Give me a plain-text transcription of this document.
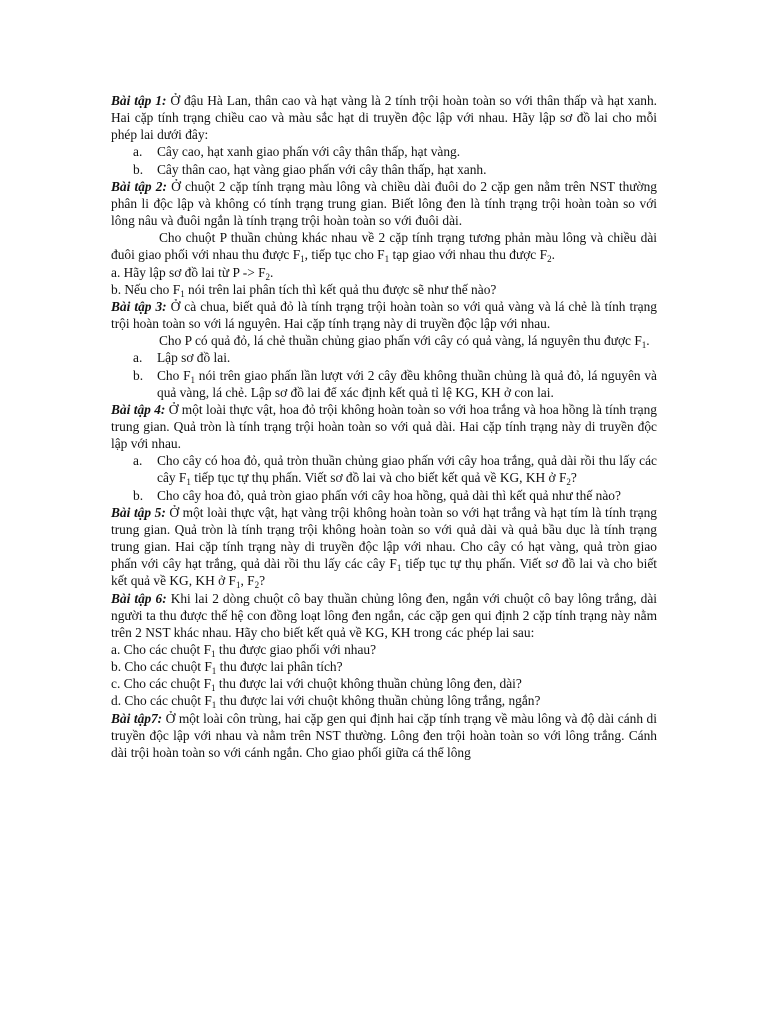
Bài tập 1: Ở đậu Hà Lan, thân cao và hạt vàng là 2 tính trội hoàn toàn so với thân thấp và hạt xanh. Hai cặp tính trạng chiều cao và màu sắc hạt di truyền độc lập với nhau. Hãy lập sơ đồ lai cho mỗi phép lai dưới đây:

a. Cây cao, hạt xanh giao phấn với cây thân thấp, hạt vàng.
b. Cây thân cao, hạt vàng giao phấn với cây thân thấp, hạt xanh.

Bài tập 2: Ở chuột 2 cặp tính trạng màu lông và chiều dài đuôi do 2 cặp gen nằm trên NST thường phân li độc lập và không có tính trạng trung gian. Biết lông đen là tính trạng trội hoàn toàn so với lông nâu và đuôi ngắn là tính trạng trội hoàn toàn so với đuôi dài.

Cho chuột P thuần chủng khác nhau về 2 cặp tính trạng tương phản màu lông và chiều dài đuôi giao phối với nhau thu được $F_1$, tiếp tục cho $F_1$ tạp giao với nhau thu được $F_2$.

a. Hãy lập sơ đồ lai từ $P -> F_2$.

b. Nếu cho $F_1$ nói trên lai phân tích thì kết quả thu được sẽ như thế nào?

Bài tập 3: Ở cà chua, biết quả đỏ là tính trạng trội hoàn toàn so với quả vàng và lá chẻ là tính trạng trội hoàn toàn so với lá nguyên. Hai cặp tính trạng này di truyền độc lập với nhau.

Cho P có quả đỏ, lá chẻ thuần chủng giao phấn với cây có quả vàng, lá nguyên thu được $F_1$.

a. Lập sơ đồ lai.
b. Cho $F_1$ nói trên giao phấn lần lượt với 2 cây đều không thuần chủng là quả đỏ, lá nguyên và quả vàng, lá chẻ. Lập sơ đồ lai để xác định kết quả tỉ lệ KG, KH ở con lai.

Bài tập 4: Ở một loài thực vật, hoa đỏ trội không hoàn toàn so với hoa trắng và hoa hồng là tính trạng trung gian. Quả tròn là tính trạng trội hoàn toàn so với quả dài. Hai cặp tính trạng này di truyền độc lập với nhau.

a. Cho cây có hoa đỏ, quả tròn thuần chủng giao phấn với cây hoa trắng, quả dài rồi thu lấy các cây $F_1$ tiếp tục tự thụ phấn. Viết sơ đồ lai và cho biết kết quả về KG, KH ở $F_2$?
b. Cho cây hoa đỏ, quả tròn giao phấn với cây hoa hồng, quả dài thì kết quả như thế nào?

Bài tập 5: Ở một loài thực vật, hạt vàng trội không hoàn toàn so với hạt trắng và hạt tím là tính trạng trung gian. Quả tròn là tính trạng trội không hoàn toàn so với quả dài và quả bầu dục là tính trạng trung gian. Hai cặp tính trạng này di truyền độc lập với nhau. Cho cây có hạt vàng, quả tròn giao phấn với cây hạt trắng, quả dài rồi thu lấy các cây $F_1$ tiếp tục tự thụ phấn. Viết sơ đồ lai và cho biết kết quả về KG, KH ở $F_1$, $F_2$?

Bài tập 6: Khi lai 2 dòng chuột cô bay thuần chủng lông đen, ngắn với chuột cô bay lông trắng, dài người ta thu được thế hệ con đồng loạt lông đen ngắn, các cặp gen qui định 2 cặp tính trạng này nằm trên 2 NST khác nhau. Hãy cho biết kết quả về KG, KH trong các phép lai sau:

a. Cho các chuột $F_1$ thu được giao phối với nhau?

b. Cho các chuột $F_1$ thu được lai phân tích?

c. Cho các chuột $F_1$ thu được lai với chuột không thuần chủng lông đen, dài?

d. Cho các chuột $F_1$ thu được lai với chuột không thuần chủng lông trắng, ngắn?

Bài tập7: Ở một loài côn trùng, hai cặp gen qui định hai cặp tính trạng về màu lông và độ dài cánh di truyền độc lập với nhau và nằm trên NST thường. Lông đen trội hoàn toàn so với lông trắng. Cánh dài trội hoàn toàn so với cánh ngắn. Cho giao phối giữa cá thể lông
